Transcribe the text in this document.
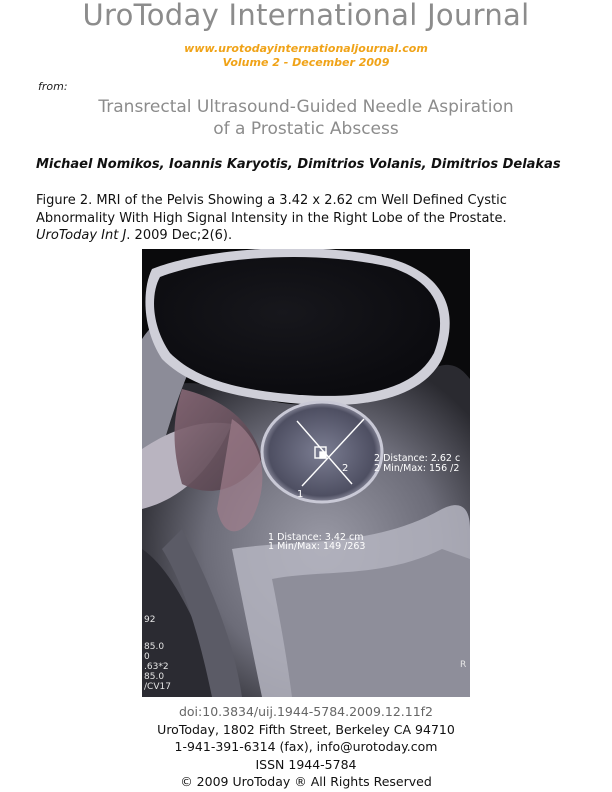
UroToday International Journal
www.urotodayinternationaljournal.com
Volume 2 - December 2009
from:
Transrectal Ultrasound-Guided Needle Aspiration
of a Prostatic Abscess
Michael Nomikos, Ioannis Karyotis, Dimitrios Volanis, Dimitrios Delakas
Figure 2. MRI of the Pelvis Showing a 3.42 x 2.62 cm Well Defined Cystic
Abnormality With High Signal Intensity in the Right Lobe of the Prostate.
UroToday Int J. 2009 Dec;2(6).
1
2
2 Distance: 2.62 c
2 Min/Max: 156 /2
1 Distance: 3.42 cm
1 Min/Max: 149 /263
92
85.0
0
.63*2
85.0
/CV17
R
doi:10.3834/uij.1944-5784.2009.12.11f2
UroToday, 1802 Fifth Street, Berkeley CA 94710
1-941-391-6314 (fax), info@urotoday.com
ISSN 1944-5784
© 2009 UroToday ® All Rights Reserved
